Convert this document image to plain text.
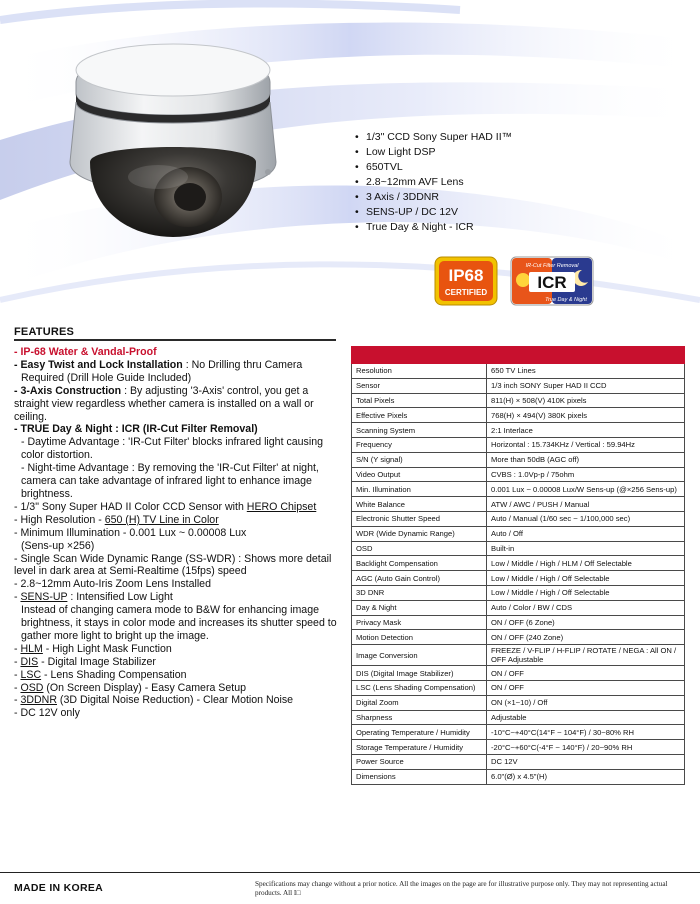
• 1/3" CCD Sony Super HAD II™
• Low Light DSP
• 650TVL
• 2.8~12mm AVF Lens
• 3 Axis / 3DDNR
• SENS-UP / DC 12V
• True Day & Night - ICR
IP68
CERTIFIED
IR-Cut Filter Removal
ICR
True Day & Night
FEATURES
- IP-68 Water & Vandal-Proof
- Easy Twist and Lock Installation : No Drilling thru Camera
Required (Drill Hole Guide Included)
- 3-Axis Construction : By adjusting '3-Axis' control, you get a straight view regardless whether camera is installed on a wall or ceiling.
- TRUE Day & Night : ICR (IR-Cut Filter Removal)
- Daytime Advantage : 'IR-Cut Filter' blocks infrared light causing color distortion.
- Night-time Advantage : By removing the 'IR-Cut Filter' at night, camera can take advantage of infrared light to enhance image brightness.
- 1/3" Sony Super HAD II Color CCD Sensor with HERO Chipset
- High Resolution - 650 (H) TV Line in Color
- Minimum Illumination - 0.001 Lux ~ 0.00008 Lux
(Sens-up ×256)
- Single Scan Wide Dynamic Range (SS-WDR) : Shows more detail level in dark area at Semi-Realtime (15fps) speed
- 2.8~12mm Auto-Iris Zoom Lens Installed
- SENS-UP : Intensified Low Light
Instead of changing camera mode to B&W for enhancing image brightness, it stays in color mode and increases its shutter speed to gather more light to bright up the image.
- HLM - High Light Mask Function
- DIS - Digital Image Stabilizer
- LSC - Lens Shading Compensation
- OSD (On Screen Display) - Easy Camera Setup
- 3DDNR (3D Digital Noise Reduction) - Clear Motion Noise
- DC 12V only

Resolution	650 TV Lines
Sensor	1/3 inch SONY Super HAD II CCD
Total Pixels	811(H) × 508(V) 410K pixels
Effective Pixels	768(H) × 494(V) 380K pixels
Scanning System	2:1 Interlace
Frequency	Horizontal : 15.734KHz / Vertical : 59.94Hz
S/N (Y signal)	More than 50dB (AGC off)
Video Output	CVBS : 1.0Vp-p / 75ohm
Min. Illumination	0.001 Lux ~ 0.00008 Lux/W Sens-up (@×256 Sens-up)
White Balance	ATW / AWC / PUSH / Manual
Electronic Shutter Speed	Auto / Manual (1/60 sec ~ 1/100,000 sec)
WDR (Wide Dynamic Range)	Auto / Off
OSD	Built-in
Backlight Compensation	Low / Middle / High / HLM / Off Selectable
AGC (Auto Gain Control)	Low / Middle / High / Off Selectable
3D DNR	Low / Middle / High / Off Selectable
Day & Night	Auto / Color / BW / CDS
Privacy Mask	ON / OFF (6 Zone)
Motion Detection	ON / OFF (240 Zone)
Image Conversion	FREEZE / V-FLIP / H-FLIP / ROTATE / NEGA : All ON / OFF Adjustable
DIS (Digital Image Stabilizer)	ON / OFF
LSC (Lens Shading Compensation)	ON / OFF
Digital Zoom	ON (×1~10) / Off
Sharpness	Adjustable
Operating Temperature / Humidity	-10°C~+40°C(14°F ~ 104°F) / 30~80% RH
Storage Temperature / Humidity	-20°C~+60°C(-4°F ~ 140°F) / 20~90% RH
Power Source	DC 12V
Dimensions	6.0"(Ø) x 4.5"(H)
MADE IN KOREA	Specifications may change without a prior notice. All the images on the page are for illustrative purpose only. They may not representing actual products. All I□
